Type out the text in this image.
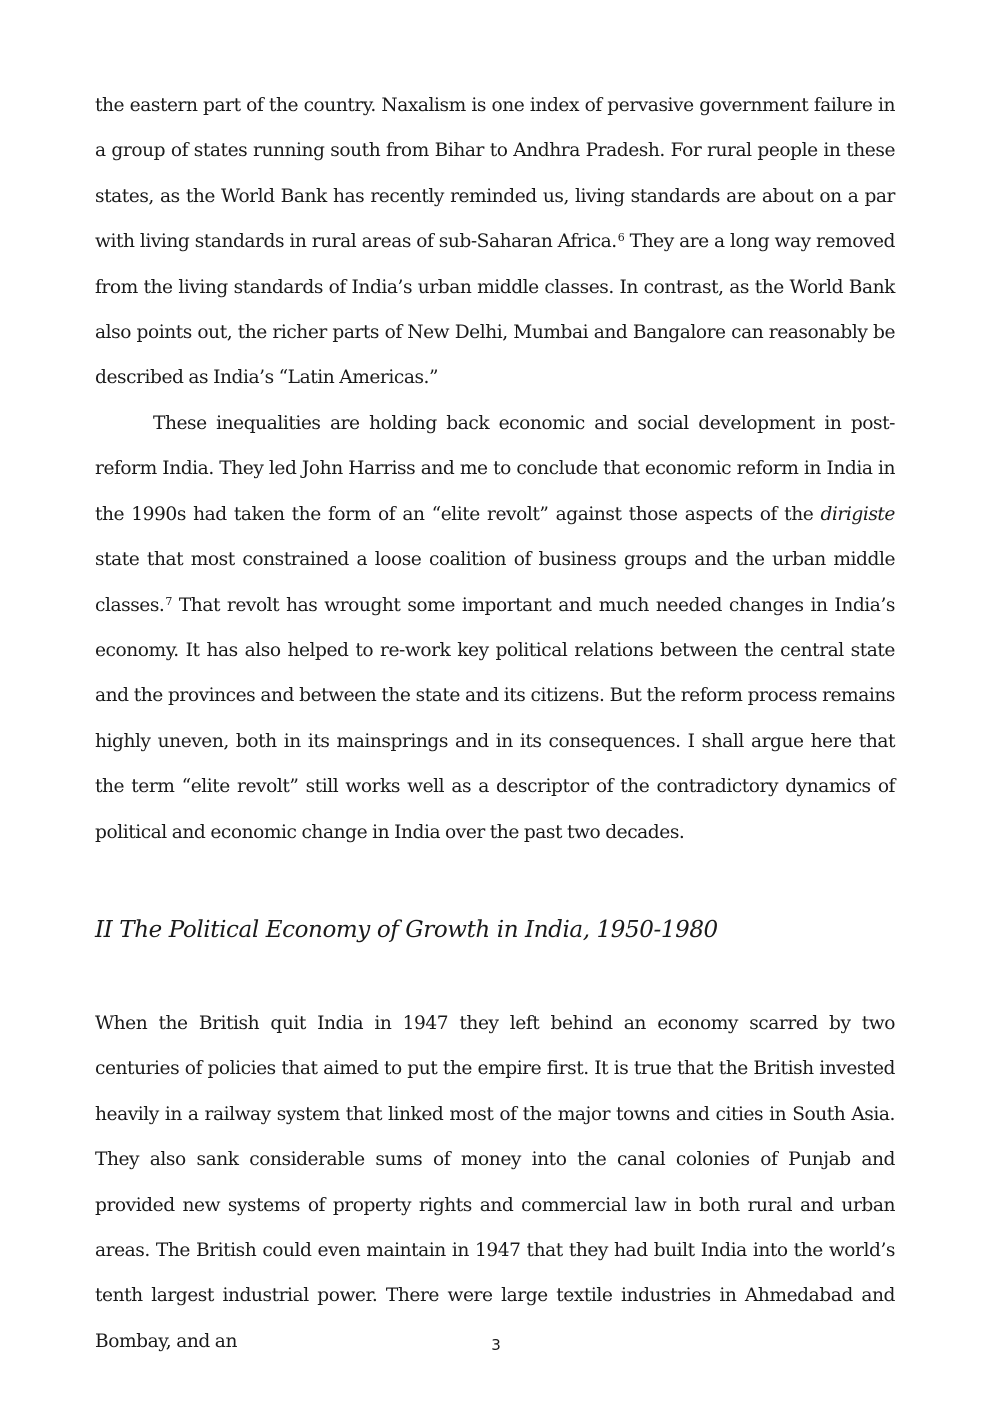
the eastern part of the country. Naxalism is one index of pervasive government failure in a group of states running south from Bihar to Andhra Pradesh. For rural people in these states, as the World Bank has recently reminded us, living standards are about on a par with living standards in rural areas of sub-Saharan Africa.$^6$ They are a long way removed from the living standards of India’s urban middle classes. In contrast, as the World Bank also points out, the richer parts of New Delhi, Mumbai and Bangalore can reasonably be described as India’s “Latin Americas.”

These inequalities are holding back economic and social development in post-reform India. They led John Harriss and me to conclude that economic reform in India in the 1990s had taken the form of an “elite revolt” against those aspects of the dirigiste state that most constrained a loose coalition of business groups and the urban middle classes.$^7$ That revolt has wrought some important and much needed changes in India’s economy. It has also helped to re-work key political relations between the central state and the provinces and between the state and its citizens. But the reform process remains highly uneven, both in its mainsprings and in its consequences. I shall argue here that the term “elite revolt” still works well as a descriptor of the contradictory dynamics of political and economic change in India over the past two decades.

II The Political Economy of Growth in India, 1950-1980

When the British quit India in 1947 they left behind an economy scarred by two centuries of policies that aimed to put the empire first. It is true that the British invested heavily in a railway system that linked most of the major towns and cities in South Asia. They also sank considerable sums of money into the canal colonies of Punjab and provided new systems of property rights and commercial law in both rural and urban areas. The British could even maintain in 1947 that they had built India into the world’s tenth largest industrial power. There were large textile industries in Ahmedabad and Bombay, and an	3
